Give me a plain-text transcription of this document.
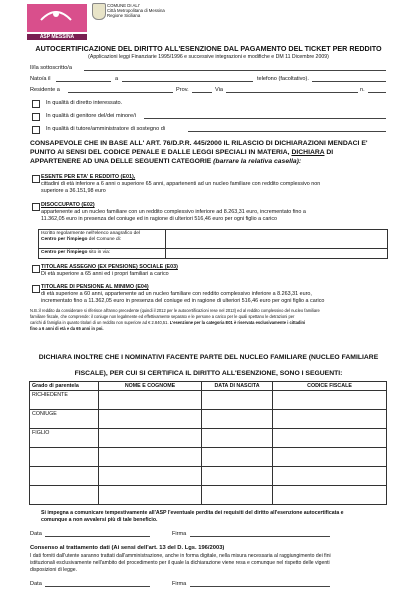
ASP MESSINA
COMUNE DI ALI'
Città Metropolitana di Messina
Regione Siciliana
AUTOCERTIFICAZIONE DEL DIRITTO ALL'ESENZIONE DAL PAGAMENTO DEL TICKET PER REDDITO
(Applicazioni leggi Finanziarie 1995/1996 e successive integrazioni e modifiche e DM 11 Dicembre 2009)
Il/la sottoscritto/a
Nato/a il	a	telefono (facoltativo).
Residente a	Prov.	Via	n.
In qualità di diretto interessato.
In qualità di genitore del/dei minore/i
In qualità di tutore/amministratore di sostegno di
CONSAPEVOLE CHE IN BASE ALL' ART. 76/D.P.R. 445/2000 IL RILASCIO DI DICHIARAZIONI MENDACI E'
PUNITO AI SENSI DEL CODICE PENALE E DALLE LEGGI SPECIALI IN MATERIA, DICHIARA DI
APPARTENERE AD UNA DELLE SEGUENTI CATEGORIE (barrare la relativa casella):
ESENTE PER ETA' E REDDITO (E01),
cittadini di età inferiore a 6 anni o superiore 65 anni, appartenenti ad un nucleo familiare con reddito complessivo non
superiore a 36.151,98 euro
DISOCCUPATO (E02)
appartenente ad un nucleo familiare con un reddito complessivo inferiore ad 8.263,31 euro, incrementato fino a
11.362,05 euro in presenza del coniuge ed in ragione di ulteriori 516,46 euro per ogni figlio a carico
Iscritto regolarmente nell'elenco anagrafico del
Centro per l'impiego del Comune di:
Centro per l'impiego sito in via:
TITOLARE ASSEGNO (EX PENSIONE) SOCIALE (E03)
Di età superiore a 65 anni ed i propri familiari a carico
TITOLARE DI PENSIONE AL MINIMO (E04)
di età superiore a 60 anni, appartenente ad un nucleo familiare con reddito complessivo inferiore a 8.263,31 euro,
incrementato fino a 11.362,05 euro in presenza del coniuge ed in ragione di ulteriori 516,46 euro per ogni figlio a carico
N.B.:il reddito da considerare si riferisce all'anno precedente (quindi il 2012 per le autocertificazioni rese nel 2013) ed al reddito complessivo del nucleo familiare
familiare fiscale, che comprende: il coniuge non legalmente ed effettivamente separato e le persone a carico per le quali spettano le detrazioni per
carichi di famiglia in quanto titolari di un reddito non superiore ad € 2.840,51. L'esenzione per la categoria E01 è riservata esclusivamente i cittadini
fino a 6 anni di età e da 65 anni in poi.
DICHIARA INOLTRE CHE I NOMINATIVI FACENTE PARTE DEL NUCLEO FAMILIARE (NUCLEO FAMILIARE
FISCALE), PER CUI SI CERTIFICA IL DIRITTO ALL'ESENZIONE, SONO I SEGUENTI:
Grado di parentela	NOME E COGNOME	DATA DI NASCITA	CODICE FISCALE
RICHIEDENTE			
CONIUGE			
FIGLIO			

Si impegna a comunicare tempestivamente all'ASP l'eventuale perdita dei requisiti del diritto all'esenzione autocertificata e
comunque a non avvalersi più di tale beneficio.
Data	Firma
Consenso al trattamento dati (Ai sensi dell'art. 13 del D. Lgs. 196/2003)
I dati forniti dall'utente saranno trattati dall'amministrazione, anche in forma digitale, nella misura necessaria al raggiungimento dei fini
istituzionali esclusivamente nell'ambito del procedimento per il quale la dichiarazione viene resa e comunque nel rispetto delle vigenti
disposizioni di legge.
Data	Firma
